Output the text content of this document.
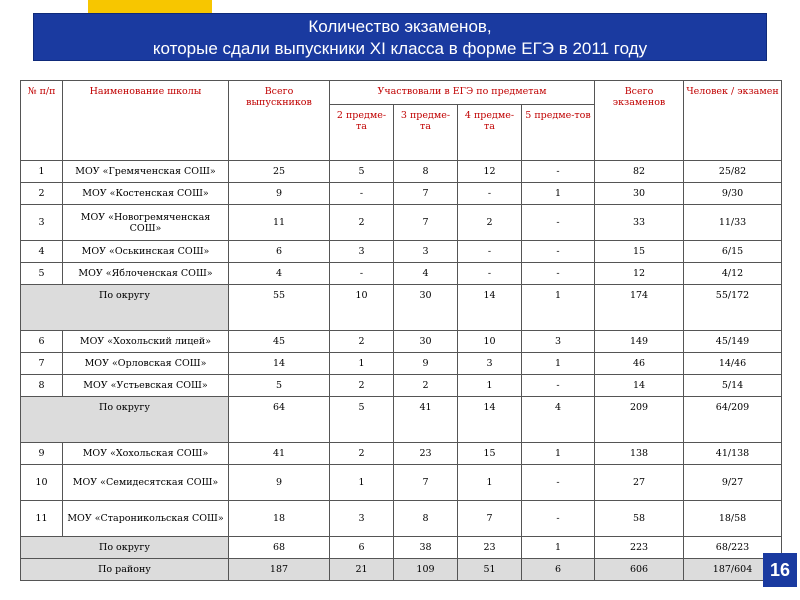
Количество экзаменов,
которые сдали выпускники XI класса в форме ЕГЭ в 2011 году
№ п/п	Наименование школы	Всего выпускников	Участвовали в ЕГЭ по предметам				Всего экзаменов	Человек / экзамен
			2 предме-та	3 предме-та	4 предме-та	5 предме-тов		
1	МОУ «Гремяченская СОШ»	25	5	8	12	-	82	25/82
2	МОУ «Костенская СОШ»	9	-	7	-	1	30	9/30
3	МОУ «Новогремяченская СОШ»	11	2	7	2	-	33	11/33
4	МОУ «Оськинская СОШ»	6	3	3	-	-	15	6/15
5	МОУ «Яблоченская СОШ»	4	-	4	-	-	12	4/12
По округу		55	10	30	14	1	174	55/172
6	МОУ «Хохольский лицей»	45	2	30	10	3	149	45/149
7	МОУ «Орловская СОШ»	14	1	9	3	1	46	14/46
8	МОУ «Устьевская СОШ»	5	2	2	1	-	14	5/14
По округу		64	5	41	14	4	209	64/209
9	МОУ «Хохольская СОШ»	41	2	23	15	1	138	41/138
10	МОУ «Семидесятская СОШ»	9	1	7	1	-	27	9/27
11	МОУ «Староникольская СОШ»	18	3	8	7	-	58	18/58
По округу		68	6	38	23	1	223	68/223
По району		187	21	109	51	6	606	187/604 16
